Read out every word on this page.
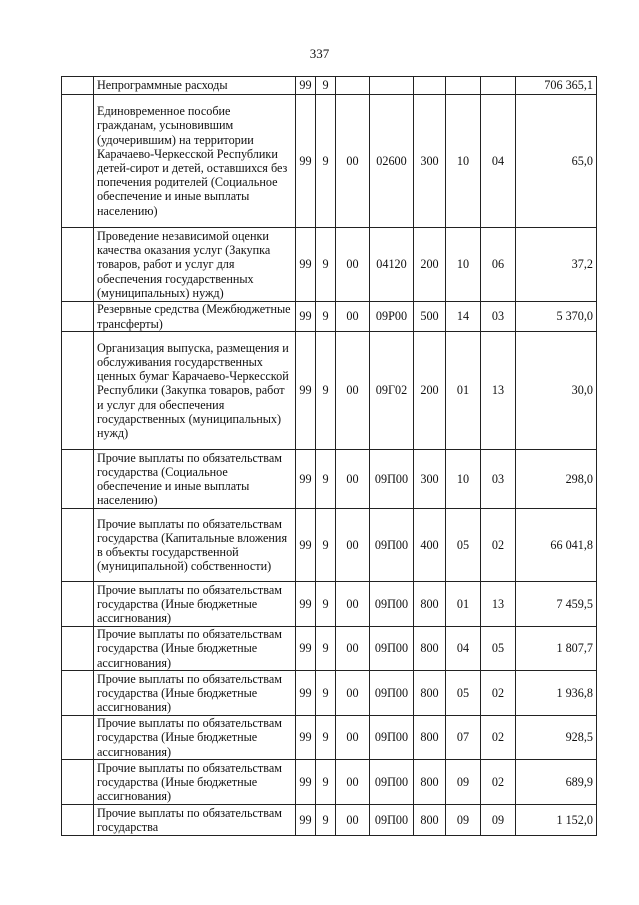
337
	Непрограммные расходы	99	9						706 365,1
	Единовременное пособие гражданам, усыновившим (удочерившим) на территории Карачаево-Черкесской Республики детей-сирот и детей, оставшихся без попечения родителей (Социальное обеспечение и иные выплаты населению)	99	9	00	02600	300	10	04	65,0
	Проведение независимой оценки качества оказания услуг (Закупка товаров, работ и услуг для обеспечения государственных (муниципальных) нужд)	99	9	00	04120	200	10	06	37,2
	Резервные средства (Межбюджетные трансферты)	99	9	00	09Р00	500	14	03	5 370,0
	Организация выпуска, размещения и обслуживания государственных ценных бумаг Карачаево-Черкесской Республики (Закупка товаров, работ и услуг для обеспечения государственных (муниципальных) нужд)	99	9	00	09Г02	200	01	13	30,0
	Прочие выплаты по обязательствам государства (Социальное обеспечение и иные выплаты населению)	99	9	00	09П00	300	10	03	298,0
	Прочие выплаты по обязательствам государства (Капитальные вложения в объекты государственной (муниципальной) собственности)	99	9	00	09П00	400	05	02	66 041,8
	Прочие выплаты по обязательствам государства (Иные бюджетные ассигнования)	99	9	00	09П00	800	01	13	7 459,5
	Прочие выплаты по обязательствам государства (Иные бюджетные ассигнования)	99	9	00	09П00	800	04	05	1 807,7
	Прочие выплаты по обязательствам государства (Иные бюджетные ассигнования)	99	9	00	09П00	800	05	02	1 936,8
	Прочие выплаты по обязательствам государства (Иные бюджетные ассигнования)	99	9	00	09П00	800	07	02	928,5
	Прочие выплаты по обязательствам государства (Иные бюджетные ассигнования)	99	9	00	09П00	800	09	02	689,9
	Прочие выплаты по обязательствам государства	99	9	00	09П00	800	09	09	1 152,0
